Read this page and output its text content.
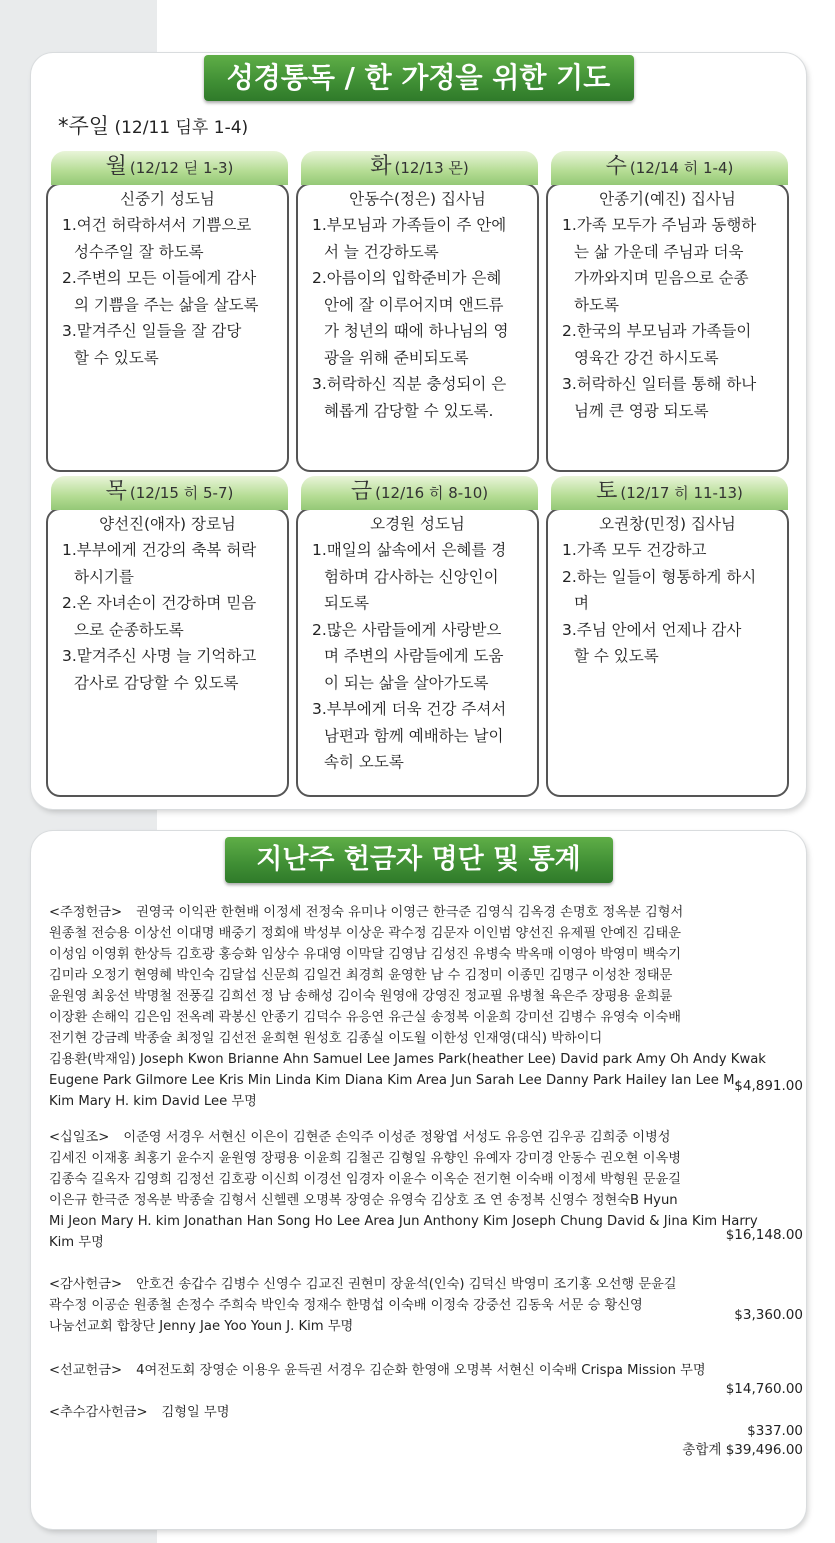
성경통독 / 한 가정을 위한 기도
*주일 (12/11 딤후 1-4)
신중기 성도님
1.여건 허락하셔서 기쁨으로
성수주일 잘 하도록
2.주변의 모든 이들에게 감사
의 기쁨을 주는 삶을 살도록
3.맡겨주신 일들을 잘 감당
할 수 있도록
월 (12/12 딛 1-3)
안동수(정은) 집사님
1.부모님과 가족들이 주 안에
서 늘 건강하도록
2.아름이의 입학준비가 은혜
안에 잘 이루어지며 앤드류
가 청년의 때에 하나님의 영
광을 위해 준비되도록
3.허락하신 직분 충성되이 은
혜롭게 감당할 수 있도록.
화 (12/13 몬)
안종기(예진) 집사님
1.가족 모두가 주님과 동행하
는 삶 가운데 주님과 더욱
가까와지며 믿음으로 순종
하도록
2.한국의 부모님과 가족들이
영육간 강건 하시도록
3.허락하신 일터를 통해 하나
님께 큰 영광 되도록
수 (12/14 히 1-4)
양선진(애자) 장로님
1.부부에게 건강의 축복 허락
하시기를
2.온 자녀손이 건강하며 믿음
으로 순종하도록
3.맡겨주신 사명 늘 기억하고
감사로 감당할 수 있도록
목 (12/15 히 5-7)
오경원 성도님
1.매일의 삶속에서 은혜를 경
험하며 감사하는 신앙인이
되도록
2.많은 사람들에게 사랑받으
며 주변의 사람들에게 도움
이 되는 삶을 살아가도록
3.부부에게 더욱 건강 주셔서
남편과 함께 예배하는 날이
속히 오도록
금 (12/16 히 8-10)
오권창(민정) 집사님
1.가족 모두 건강하고
2.하는 일들이 형통하게 하시
며
3.주님 안에서 언제나 감사
할 수 있도록
토 (12/17 히 11-13)
지난주 헌금자 명단 및 통계
<주정헌금> 권영국 이익관 한현배 이정세 전정숙 유미나 이영근 한극준 김영식 김옥경 손명호 정옥분 김형서
원종철 전승용 이상선 이대명 배중기 정회애 박성부 이상운 곽수정 김문자 이인범 양선진 유제필 안예진 김태운
이성임 이영휘 한상득 김호광 홍승화 임상수 유대영 이막달 김영남 김성진 유병숙 박옥매 이영아 박영미 백숙기
김미라 오정기 현영혜 박인숙 김달섭 신문희 김일건 최경희 윤영한 남 수 김정미 이종민 김명구 이성찬 정태문
윤원영 최웅선 박명철 전풍길 김희선 정 남 송해성 김이숙 원영애 강영진 정교필 유병철 육은주 장평용 윤희륜
이장환 손해익 김은임 전옥례 곽봉신 안종기 김덕수 유응연 유근실 송정복 이윤희 강미선 김병수 유영숙 이숙배
전기현 강금례 박종술 최정일 김선전 윤희현 원성호 김종실 이도월 이한성 인재영(대식) 박하이디
김용환(박재임) Joseph Kwon Brianne Ahn Samuel Lee James Park(heather Lee) David park Amy Oh Andy Kwak
Eugene Park Gilmore Lee Kris Min Linda Kim Diana Kim Area Jun Sarah Lee Danny Park Hailey Ian Lee M.
Kim Mary H. kim David Lee 무명
$4,891.00
<십일조> 이준영 서경우 서현신 이은이 김현준 손익주 이성준 정왕엽 서성도 유응연 김우공 김희중 이병성
김세진 이재홍 최홍기 윤수지 윤원영 장평용 이윤희 김철곤 김형일 유향인 유예자 강미경 안동수 권오현 이옥병
김종숙 길옥자 김영희 김정선 김호광 이신희 이경선 임경자 이윤수 이옥순 전기현 이숙배 이정세 박형원 문윤길
이은규 한극준 정옥분 박종술 김형서 신헬렌 오명복 장영순 유영숙 김상호 조 연 송정복 신영수 정현숙B Hyun
Mi Jeon Mary H. kim Jonathan Han Song Ho Lee Area Jun Anthony Kim Joseph Chung David & Jina Kim Harry
Kim 무명	$16,148.00
<감사헌금> 안호건 송갑수 김병수 신영수 김교진 권현미 장윤석(인숙) 김덕신 박영미 조기홍 오선행 문윤길
곽수정 이공순 원종철 손정수 주희숙 박인숙 정재수 한명섭 이숙배 이정숙 강중선 김동욱 서문 승 황신영
나눔선교회 합창단 Jenny Jae Yoo Youn J. Kim 무명
$3,360.00
<선교헌금> 4여전도회 장영순 이용우 윤득권 서경우 김순화 한영애 오명복 서현신 이숙배 Crispa Mission 무명
$14,760.00
<추수감사헌금> 김형일 무명
$337.00
총합계 $39,496.00
